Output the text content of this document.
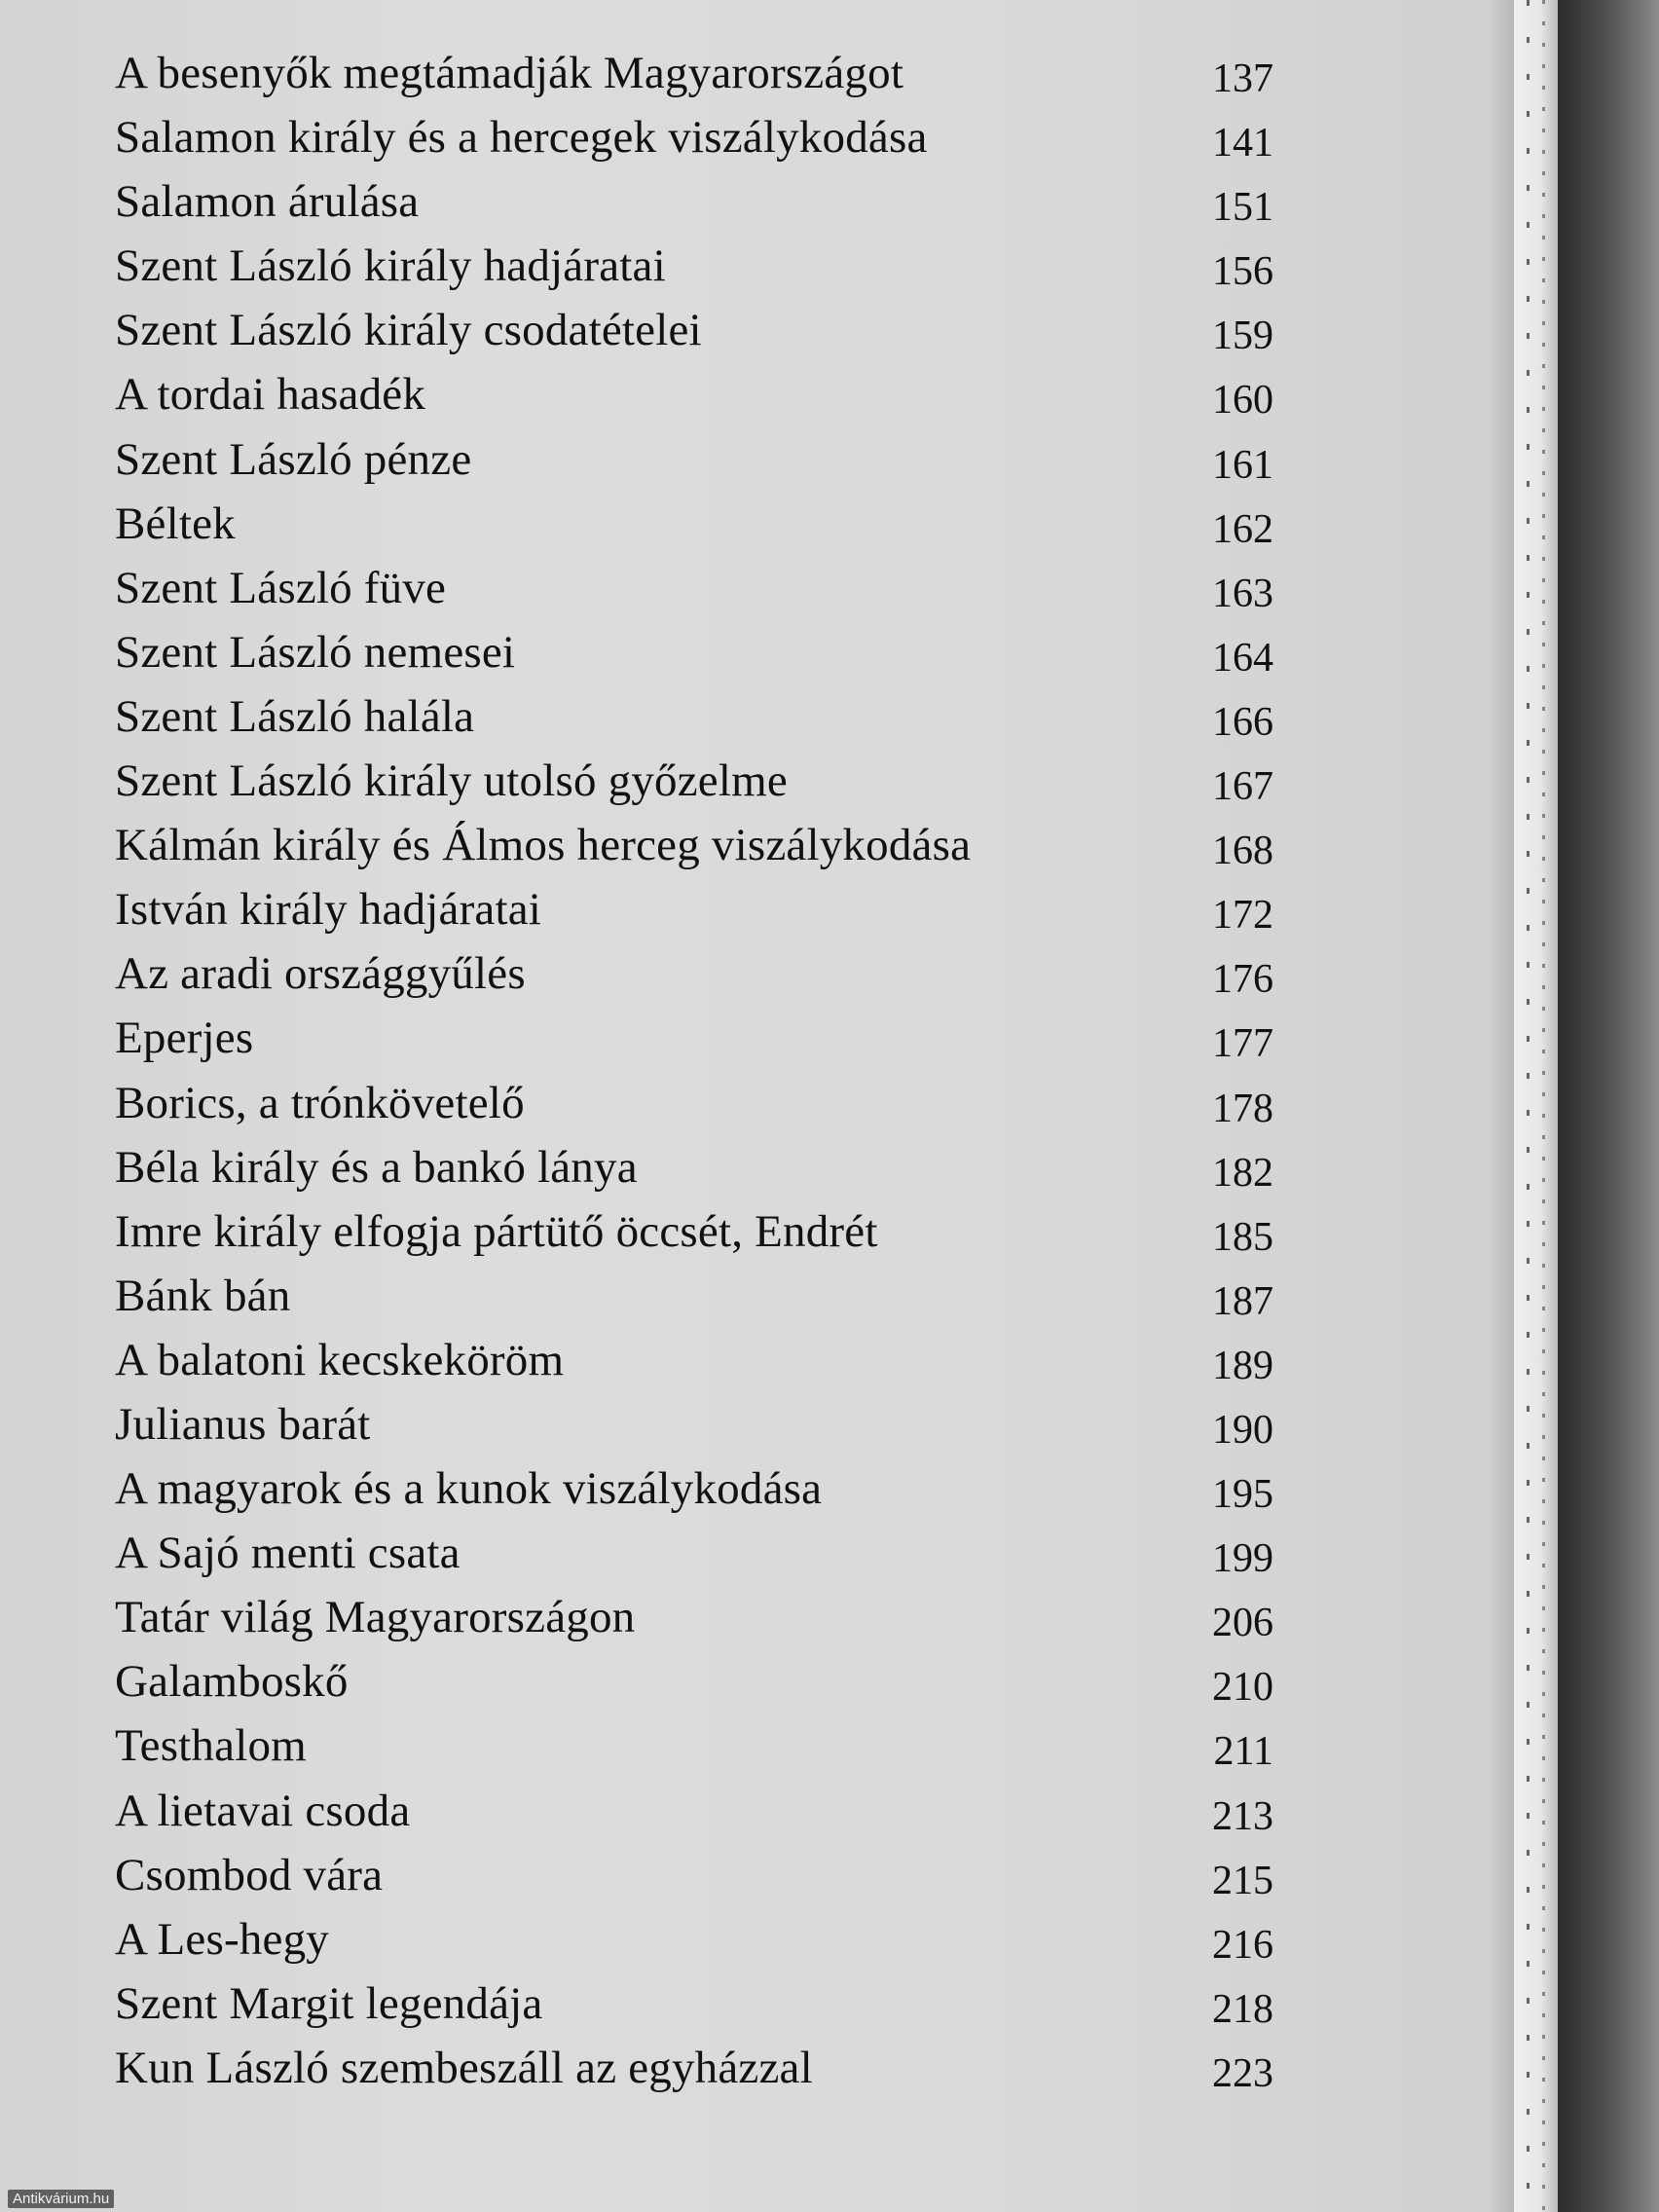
A besenyők megtámadják Magyarországot	137
Salamon király és a hercegek viszálykodása	141
Salamon árulása	151
Szent László király hadjáratai	156
Szent László király csodatételei	159
A tordai hasadék	160
Szent László pénze	161
Béltek	162
Szent László füve	163
Szent László nemesei	164
Szent László halála	166
Szent László király utolsó győzelme	167
Kálmán király és Álmos herceg viszálykodása	168
István király hadjáratai	172
Az aradi országgyűlés	176
Eperjes	177
Borics, a trónkövetelő	178
Béla király és a bankó lánya	182
Imre király elfogja pártütő öccsét, Endrét	185
Bánk bán	187
A balatoni kecskeköröm	189
Julianus barát	190
A magyarok és a kunok viszálykodása	195
A Sajó menti csata	199
Tatár világ Magyarországon	206
Galamboskő	210
Testhalom	211
A lietavai csoda	213
Csombod vára	215
A Les-hegy	216
Szent Margit legendája	218
Kun László szembeszáll az egyházzal	223
Antikvárium.hu
